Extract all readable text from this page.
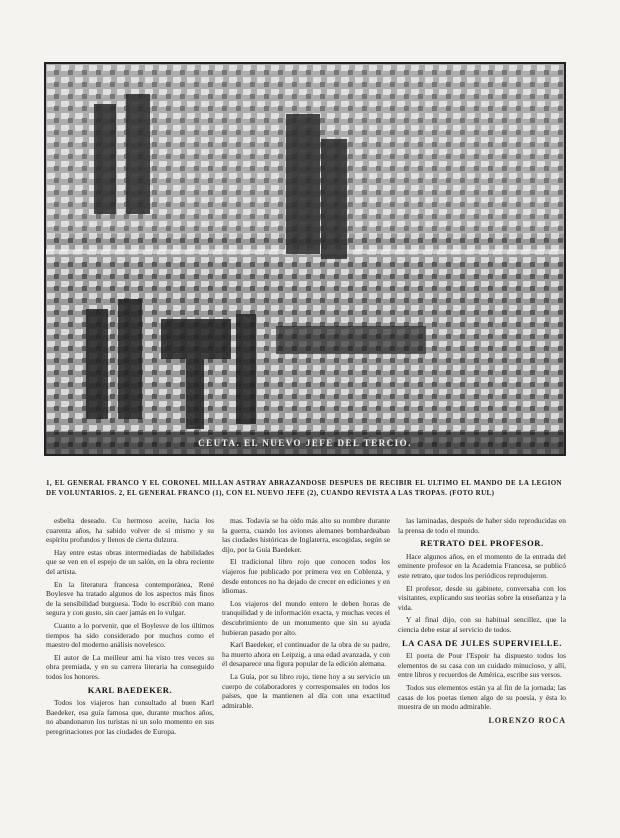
CEUTA. EL NUEVO JEFE DEL TERCIO.
1, EL GENERAL FRANCO Y EL CORONEL MILLAN ASTRAY ABRAZANDOSE DESPUES DE RECIBIR EL ULTIMO EL MANDO DE LA LEGION DE VOLUNTARIOS. 2, EL GENERAL FRANCO (1), CON EL NUEVO JEFE (2), CUANDO REVISTA A LAS TROPAS. (FOTO RUL)

esbelta deseado. Cu hermoso aceite, hacia los cuarenta años, ha sabido volver de sí mismo y su espíritu profundos y llenos de cierta dulzura.

Hay entre estas obras intermediadas de habilidades que se ven en el espejo de un salón, en la obra reciente del artista.

En la literatura francesa contemporánea, René Boylesve ha tratado algunos de los aspectos más finos de la sensibilidad burguesa. Todo lo escribió con mano segura y con gusto, sin caer jamás en lo vulgar.

Cuanto a lo porvenir, que el Boylesve de los últimos tiempos ha sido considerado por muchos como el maestro del moderno análisis novelesco.

El autor de La meilleur ami ha visto tres veces su obra premiada, y en su carrera literaria ha conseguido todos los honores.

KARL BAEDEKER.

Todos los viajeros han consultado al buen Karl Baedeker, esa guía famosa que, durante muchos años, no abandonaron los turistas ni un solo momento en sus peregrinaciones por las ciudades de Europa.

mas. Todavía se ha oído más alto su nombre durante la guerra, cuando los aviones alemanes bombardeaban las ciudades históricas de Inglaterra, escogidas, según se dijo, por la Guía Baedeker.

El tradicional libro rojo que conocen todos los viajeros fue publicado por primera vez en Coblenza, y desde entonces no ha dejado de crecer en ediciones y en idiomas.

Los viajeros del mundo entero le deben horas de tranquilidad y de información exacta, y muchas veces el descubrimiento de un monumento que sin su ayuda hubieran pasado por alto.

Karl Baedeker, el continuador de la obra de su padre, ha muerto ahora en Leipzig, a una edad avanzada, y con él desaparece una figura popular de la edición alemana.

La Guía, por su libro rojo, tiene hoy a su servicio un cuerpo de colaboradores y corresponsales en todos los países, que la mantienen al día con una exactitud admirable.

las laminadas, después de haber sido reproducidas en la prensa de todo el mundo.

RETRATO DEL PROFESOR.

Hace algunos años, en el momento de la entrada del eminente profesor en la Academia Francesa, se publicó este retrato, que todos los periódicos reprodujeron.

El profesor, desde su gabinete, conversaba con los visitantes, explicando sus teorías sobre la enseñanza y la vida.

Y al final dijo, con su habitual sencillez, que la ciencia debe estar al servicio de todos.

LA CASA DE JULES SUPERVIELLE.

El poeta de Pour l'Espoir ha dispuesto todos los elementos de su casa con un cuidado minucioso, y allí, entre libros y recuerdos de América, escribe sus versos.

Todos sus elementos están ya al fin de la jornada; las casas de los poetas tienen algo de su poesía, y ésta lo muestra de un modo admirable.

LORENZO ROCA
